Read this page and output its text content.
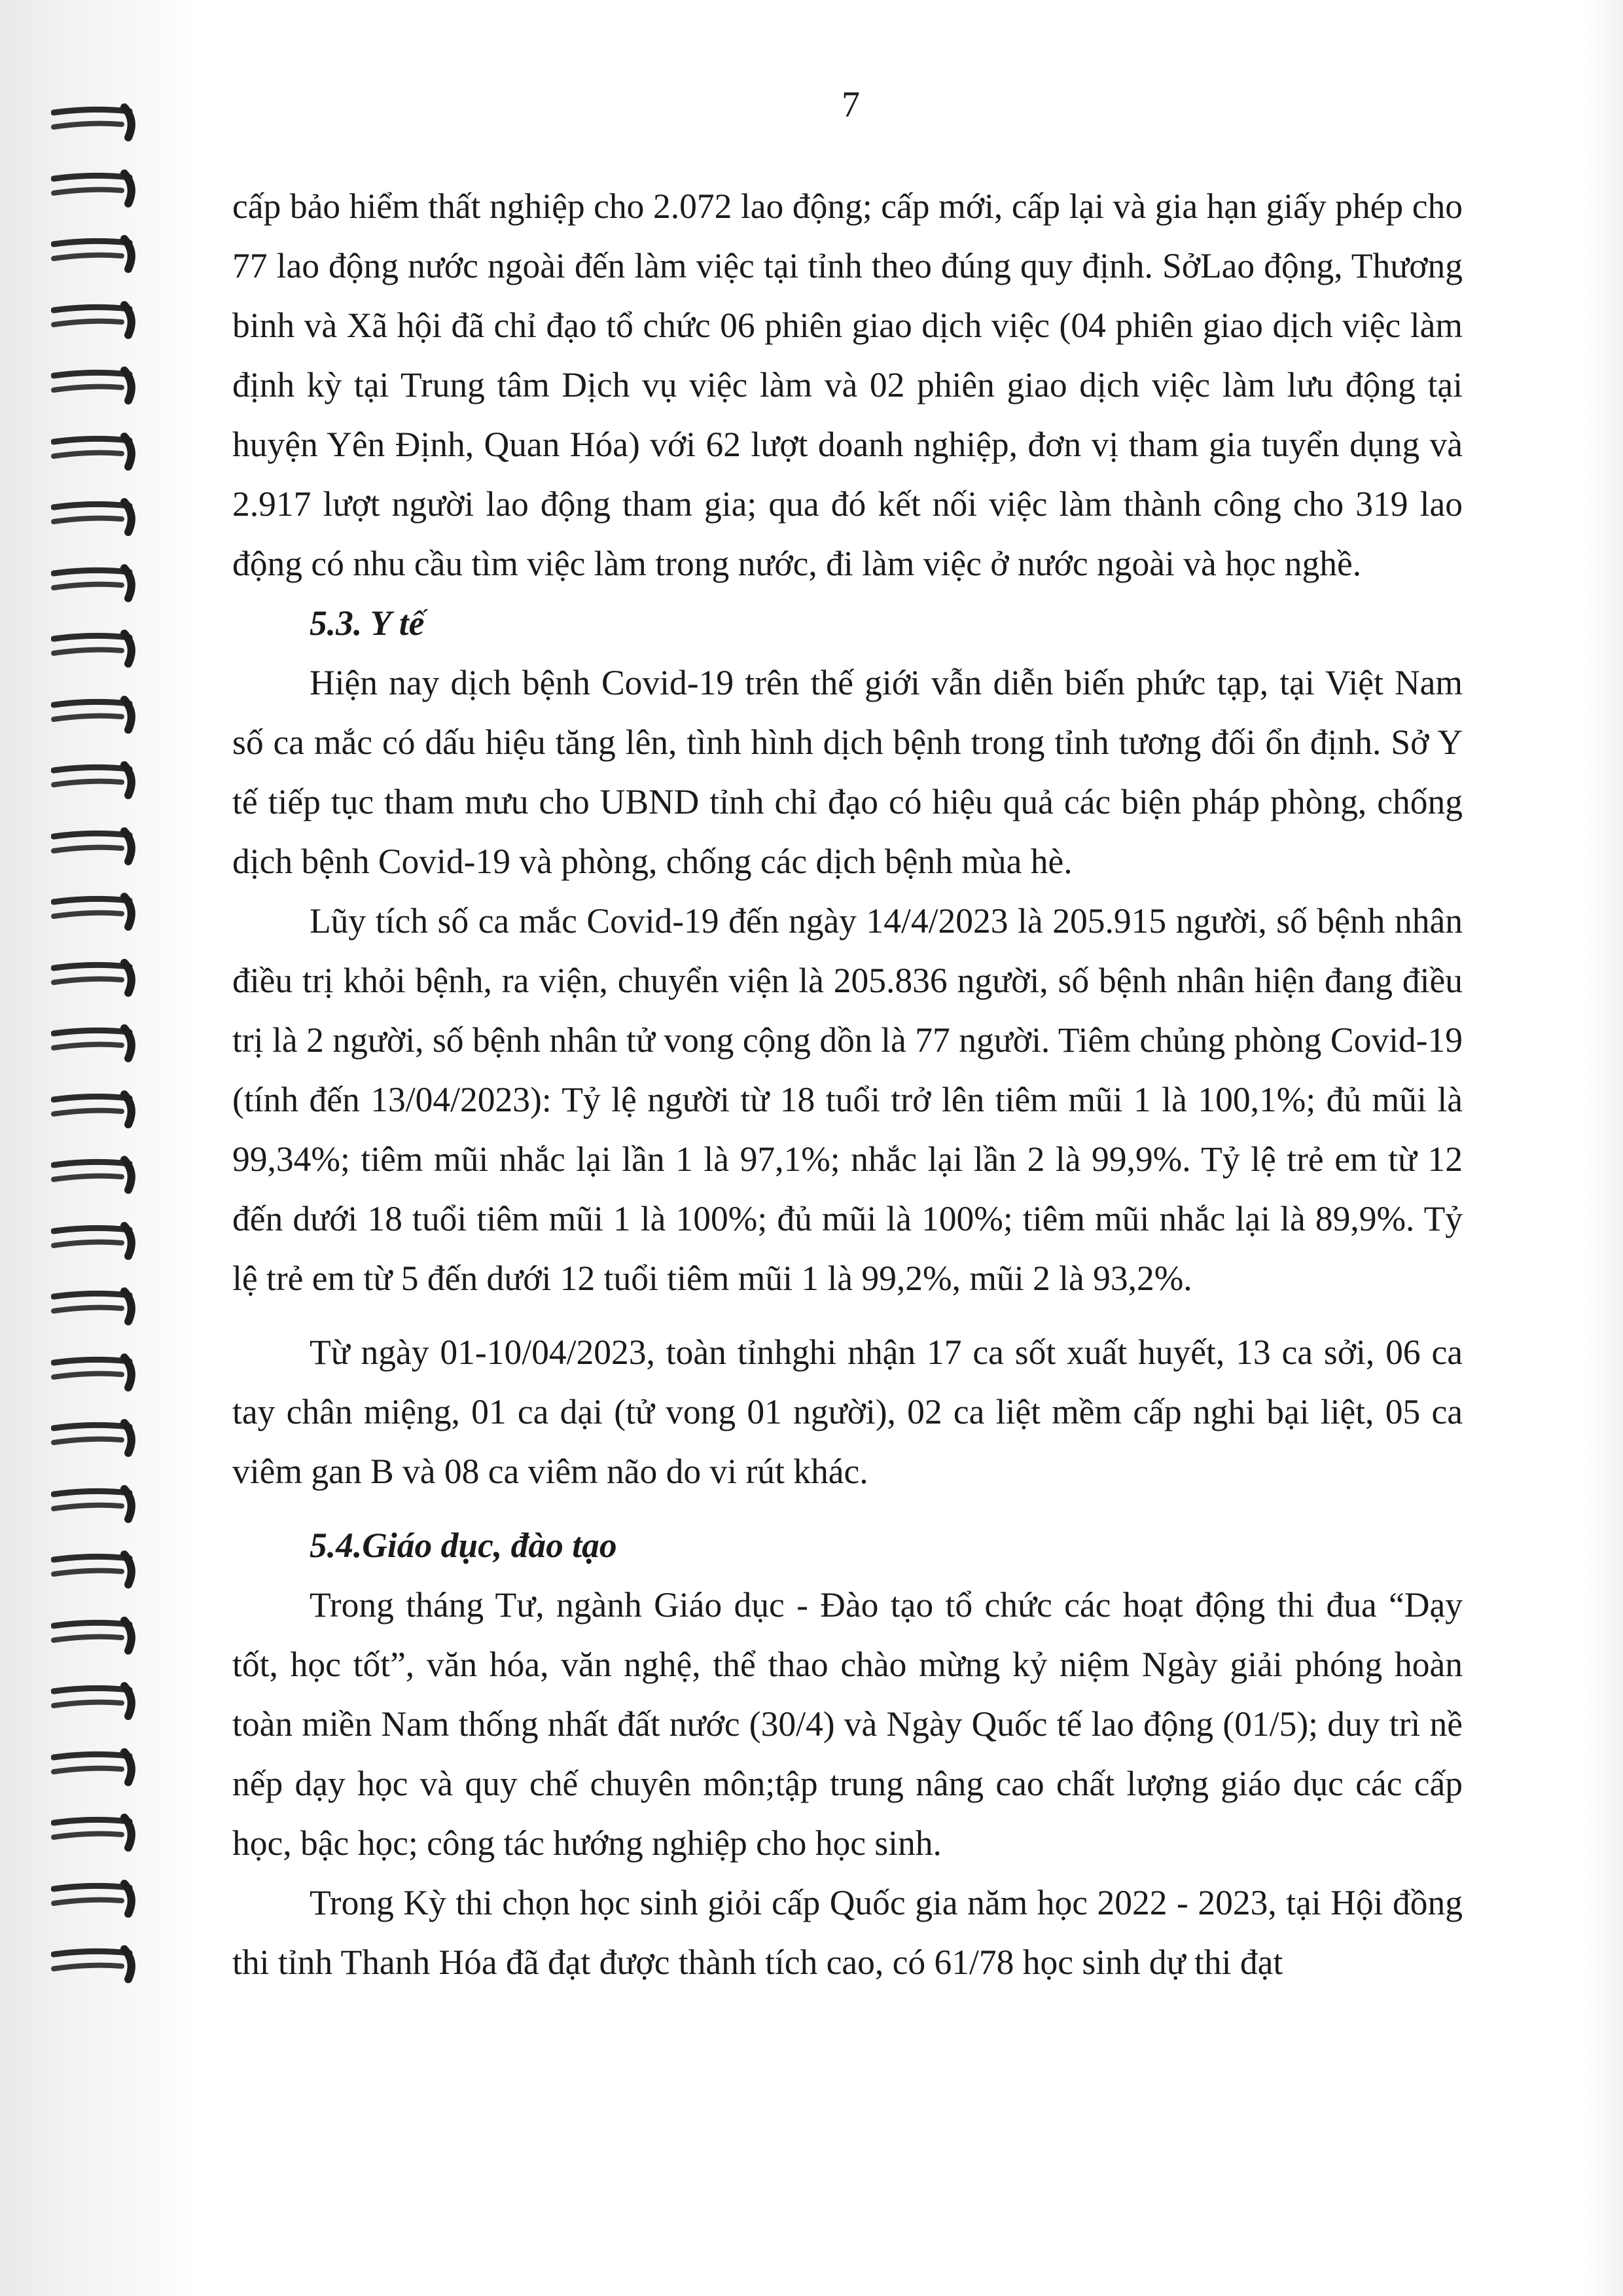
7

cấp bảo hiểm thất nghiệp cho 2.072 lao động; cấp mới, cấp lại và gia hạn giấy phép cho 77 lao động nước ngoài đến làm việc tại tỉnh theo đúng quy định. SởLao động, Thương binh và Xã hội đã chỉ đạo tổ chức 06 phiên giao dịch việc (04 phiên giao dịch việc làm định kỳ tại Trung tâm Dịch vụ việc làm và 02 phiên giao dịch việc làm lưu động tại huyện Yên Định, Quan Hóa) với 62 lượt doanh nghiệp, đơn vị tham gia tuyển dụng và 2.917 lượt người lao động tham gia; qua đó kết nối việc làm thành công cho 319 lao động có nhu cầu tìm việc làm trong nước, đi làm việc ở nước ngoài và học nghề.

5.3. Y tế

Hiện nay dịch bệnh Covid-19 trên thế giới vẫn diễn biến phức tạp, tại Việt Nam số ca mắc có dấu hiệu tăng lên, tình hình dịch bệnh trong tỉnh tương đối ổn định. Sở Y tế tiếp tục tham mưu cho UBND tỉnh chỉ đạo có hiệu quả các biện pháp phòng, chống dịch bệnh Covid-19 và phòng, chống các dịch bệnh mùa hè.

Lũy tích số ca mắc Covid-19 đến ngày 14/4/2023 là 205.915 người, số bệnh nhân điều trị khỏi bệnh, ra viện, chuyển viện là 205.836 người, số bệnh nhân hiện đang điều trị là 2 người, số bệnh nhân tử vong cộng dồn là 77 người. Tiêm chủng phòng Covid-19 (tính đến 13/04/2023): Tỷ lệ người từ 18 tuổi trở lên tiêm mũi 1 là 100,1%; đủ mũi là 99,34%; tiêm mũi nhắc lại lần 1 là 97,1%; nhắc lại lần 2 là 99,9%. Tỷ lệ trẻ em từ 12 đến dưới 18 tuổi tiêm mũi 1 là 100%; đủ mũi là 100%; tiêm mũi nhắc lại là 89,9%. Tỷ lệ trẻ em từ 5 đến dưới 12 tuổi tiêm mũi 1 là 99,2%, mũi 2 là 93,2%.

Từ ngày 01-10/04/2023, toàn tỉnhghi nhận 17 ca sốt xuất huyết, 13 ca sởi, 06 ca tay chân miệng, 01 ca dại (tử vong 01 người), 02 ca liệt mềm cấp nghi bại liệt, 05 ca viêm gan B và 08 ca viêm não do vi rút khác.

5.4.Giáo dục, đào tạo

Trong tháng Tư, ngành Giáo dục - Đào tạo tổ chức các hoạt động thi đua “Dạy tốt, học tốt”, văn hóa, văn nghệ, thể thao chào mừng kỷ niệm Ngày giải phóng hoàn toàn miền Nam thống nhất đất nước (30/4) và Ngày Quốc tế lao động (01/5); duy trì nề nếp dạy học và quy chế chuyên môn;tập trung nâng cao chất lượng giáo dục các cấp học, bậc học; công tác hướng nghiệp cho học sinh.

Trong Kỳ thi chọn học sinh giỏi cấp Quốc gia năm học 2022 - 2023, tại Hội đồng thi tỉnh Thanh Hóa đã đạt được thành tích cao, có 61/78 học sinh dự thi đạt
